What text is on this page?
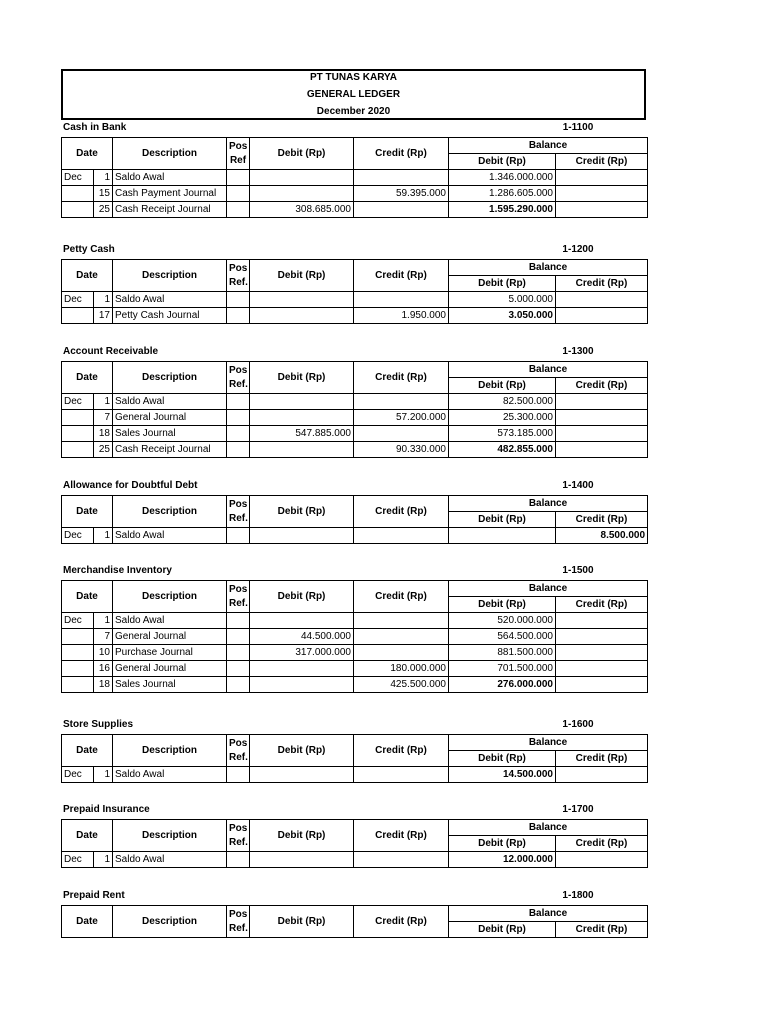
PT TUNAS KARYA
GENERAL LEDGER
December 2020
Cash in Bank	1-1100
Date		Description	Pos
Ref	Debit (Rp)	Credit (Rp)	Balance	
						Debit (Rp)	Credit (Rp)
Dec	1	Saldo Awal				1.346.000.000	
	15	Cash Payment Journal			59.395.000	1.286.605.000	
	25	Cash Receipt Journal		308.685.000		1.595.290.000	
Petty Cash	1-1200
Date		Description	Pos
Ref.	Debit (Rp)	Credit (Rp)	Balance	
						Debit (Rp)	Credit (Rp)
Dec	1	Saldo Awal				5.000.000	
	17	Petty Cash Journal			1.950.000	3.050.000	
Account Receivable	1-1300
Date		Description	Pos
Ref.	Debit (Rp)	Credit (Rp)	Balance	
						Debit (Rp)	Credit (Rp)
Dec	1	Saldo Awal				82.500.000	
	7	General Journal			57.200.000	25.300.000	
	18	Sales Journal		547.885.000		573.185.000	
	25	Cash Receipt Journal			90.330.000	482.855.000	
Allowance for Doubtful Debt	1-1400
Date		Description	Pos
Ref.	Debit (Rp)	Credit (Rp)	Balance	
						Debit (Rp)	Credit (Rp)
Dec	1	Saldo Awal					8.500.000
Merchandise Inventory	1-1500
Date		Description	Pos
Ref.	Debit (Rp)	Credit (Rp)	Balance	
						Debit (Rp)	Credit (Rp)
Dec	1	Saldo Awal				520.000.000	
	7	General Journal		44.500.000		564.500.000	
	10	Purchase Journal		317.000.000		881.500.000	
	16	General Journal			180.000.000	701.500.000	
	18	Sales Journal			425.500.000	276.000.000	
Store Supplies	1-1600
Date		Description	Pos
Ref.	Debit (Rp)	Credit (Rp)	Balance	
						Debit (Rp)	Credit (Rp)
Dec	1	Saldo Awal				14.500.000	
Prepaid Insurance	1-1700
Date		Description	Pos
Ref.	Debit (Rp)	Credit (Rp)	Balance	
						Debit (Rp)	Credit (Rp)
Dec	1	Saldo Awal				12.000.000	
Prepaid Rent	1-1800
Date	Description	Pos
Ref.	Debit (Rp)	Credit (Rp)	Balance	
					Debit (Rp)	Credit (Rp)
